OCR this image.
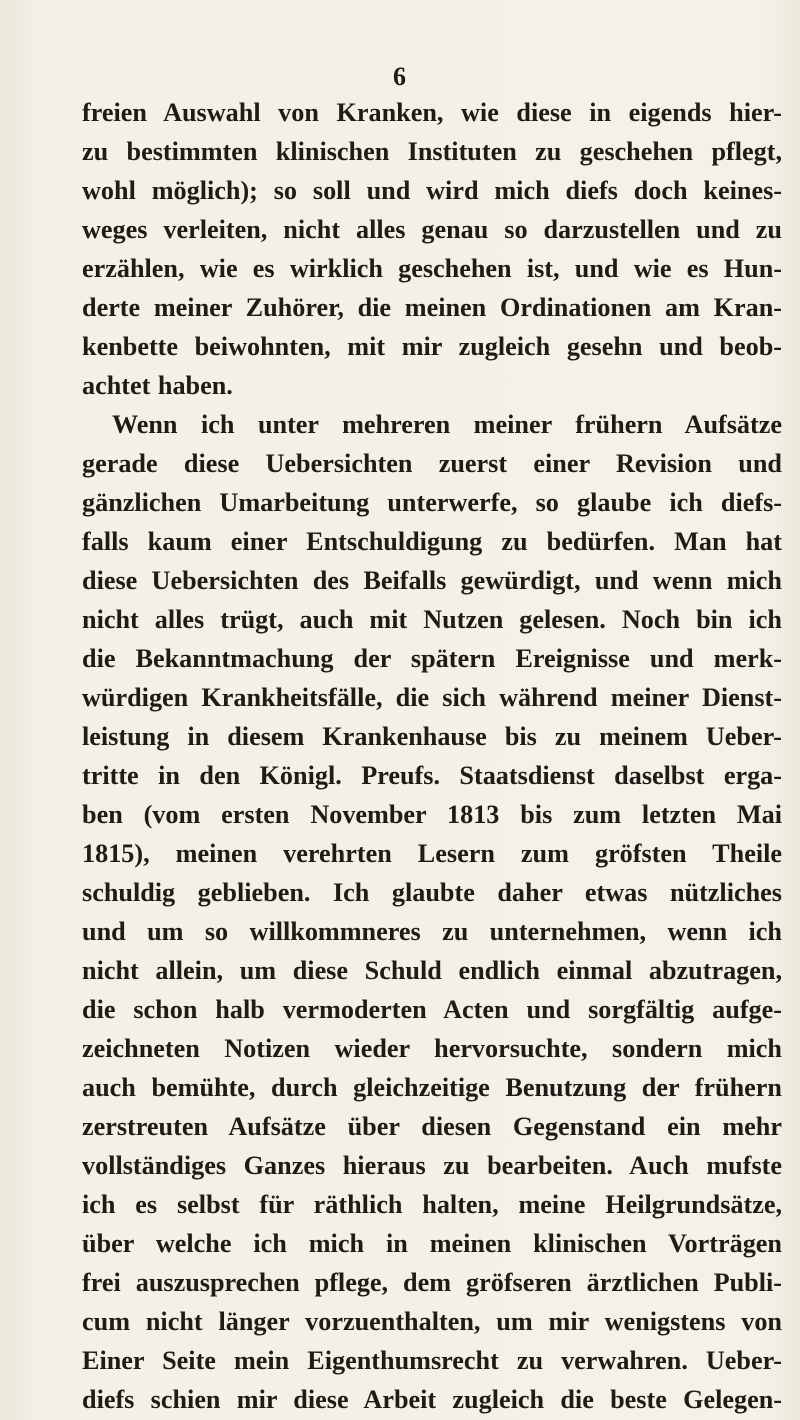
6
freien Auswahl von Kranken, wie diese in eigends hier-
zu bestimmten klinischen Instituten zu geschehen pflegt,
wohl möglich); so soll und wird mich diefs doch keines-
weges verleiten, nicht alles genau so darzustellen und zu
erzählen, wie es wirklich geschehen ist, und wie es Hun-
derte meiner Zuhörer, die meinen Ordinationen am Kran-
kenbette beiwohnten, mit mir zugleich gesehn und beob-
achtet haben.
Wenn ich unter mehreren meiner frühern Aufsätze
gerade diese Uebersichten zuerst einer Revision und
gänzlichen Umarbeitung unterwerfe, so glaube ich diefs-
falls kaum einer Entschuldigung zu bedürfen. Man hat
diese Uebersichten des Beifalls gewürdigt, und wenn mich
nicht alles trügt, auch mit Nutzen gelesen. Noch bin ich
die Bekanntmachung der spätern Ereignisse und merk-
würdigen Krankheitsfälle, die sich während meiner Dienst-
leistung in diesem Krankenhause bis zu meinem Ueber-
tritte in den Königl. Preufs. Staatsdienst daselbst erga-
ben (vom ersten November 1813 bis zum letzten Mai
1815), meinen verehrten Lesern zum gröfsten Theile
schuldig geblieben. Ich glaubte daher etwas nützliches
und um so willkommneres zu unternehmen, wenn ich
nicht allein, um diese Schuld endlich einmal abzutragen,
die schon halb vermoderten Acten und sorgfältig aufge-
zeichneten Notizen wieder hervorsuchte, sondern mich
auch bemühte, durch gleichzeitige Benutzung der frühern
zerstreuten Aufsätze über diesen Gegenstand ein mehr
vollständiges Ganzes hieraus zu bearbeiten. Auch mufste
ich es selbst für räthlich halten, meine Heilgrundsätze,
über welche ich mich in meinen klinischen Vorträgen
frei auszusprechen pflege, dem gröfseren ärztlichen Publi-
cum nicht länger vorzuenthalten, um mir wenigstens von
Einer Seite mein Eigenthumsrecht zu verwahren. Ueber-
diefs schien mir diese Arbeit zugleich die beste Gelegen-
